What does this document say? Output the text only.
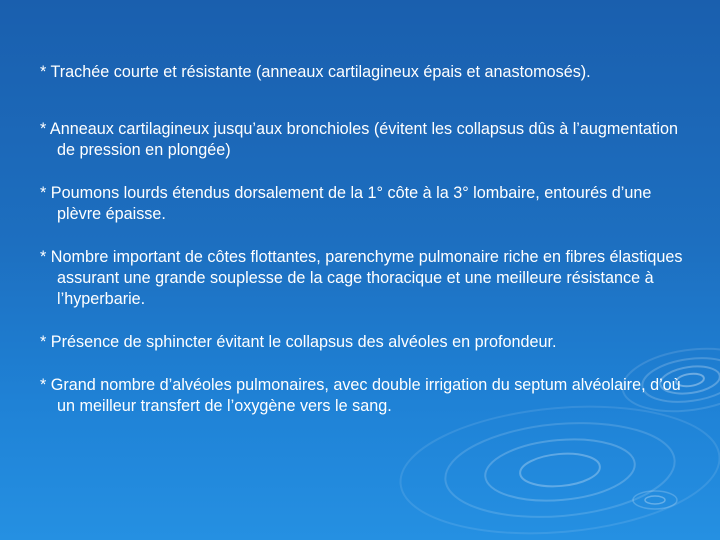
* Trachée courte et résistante (anneaux cartilagineux épais et anastomosés).
* Anneaux cartilagineux jusqu’aux bronchioles (évitent les collapsus dûs à l’augmentation de pression en plongée)
* Poumons lourds étendus dorsalement de la 1° côte à la 3° lombaire, entourés d’une plèvre épaisse.
* Nombre important de côtes flottantes, parenchyme pulmonaire riche en fibres élastiques assurant une grande souplesse de la cage thoracique et une meilleure résistance à l’hyperbarie.
* Présence de sphincter évitant le collapsus des alvéoles en profondeur.
* Grand nombre d’alvéoles pulmonaires, avec double irrigation du septum alvéolaire, d’où un meilleur transfert de l’oxygène vers le sang.
